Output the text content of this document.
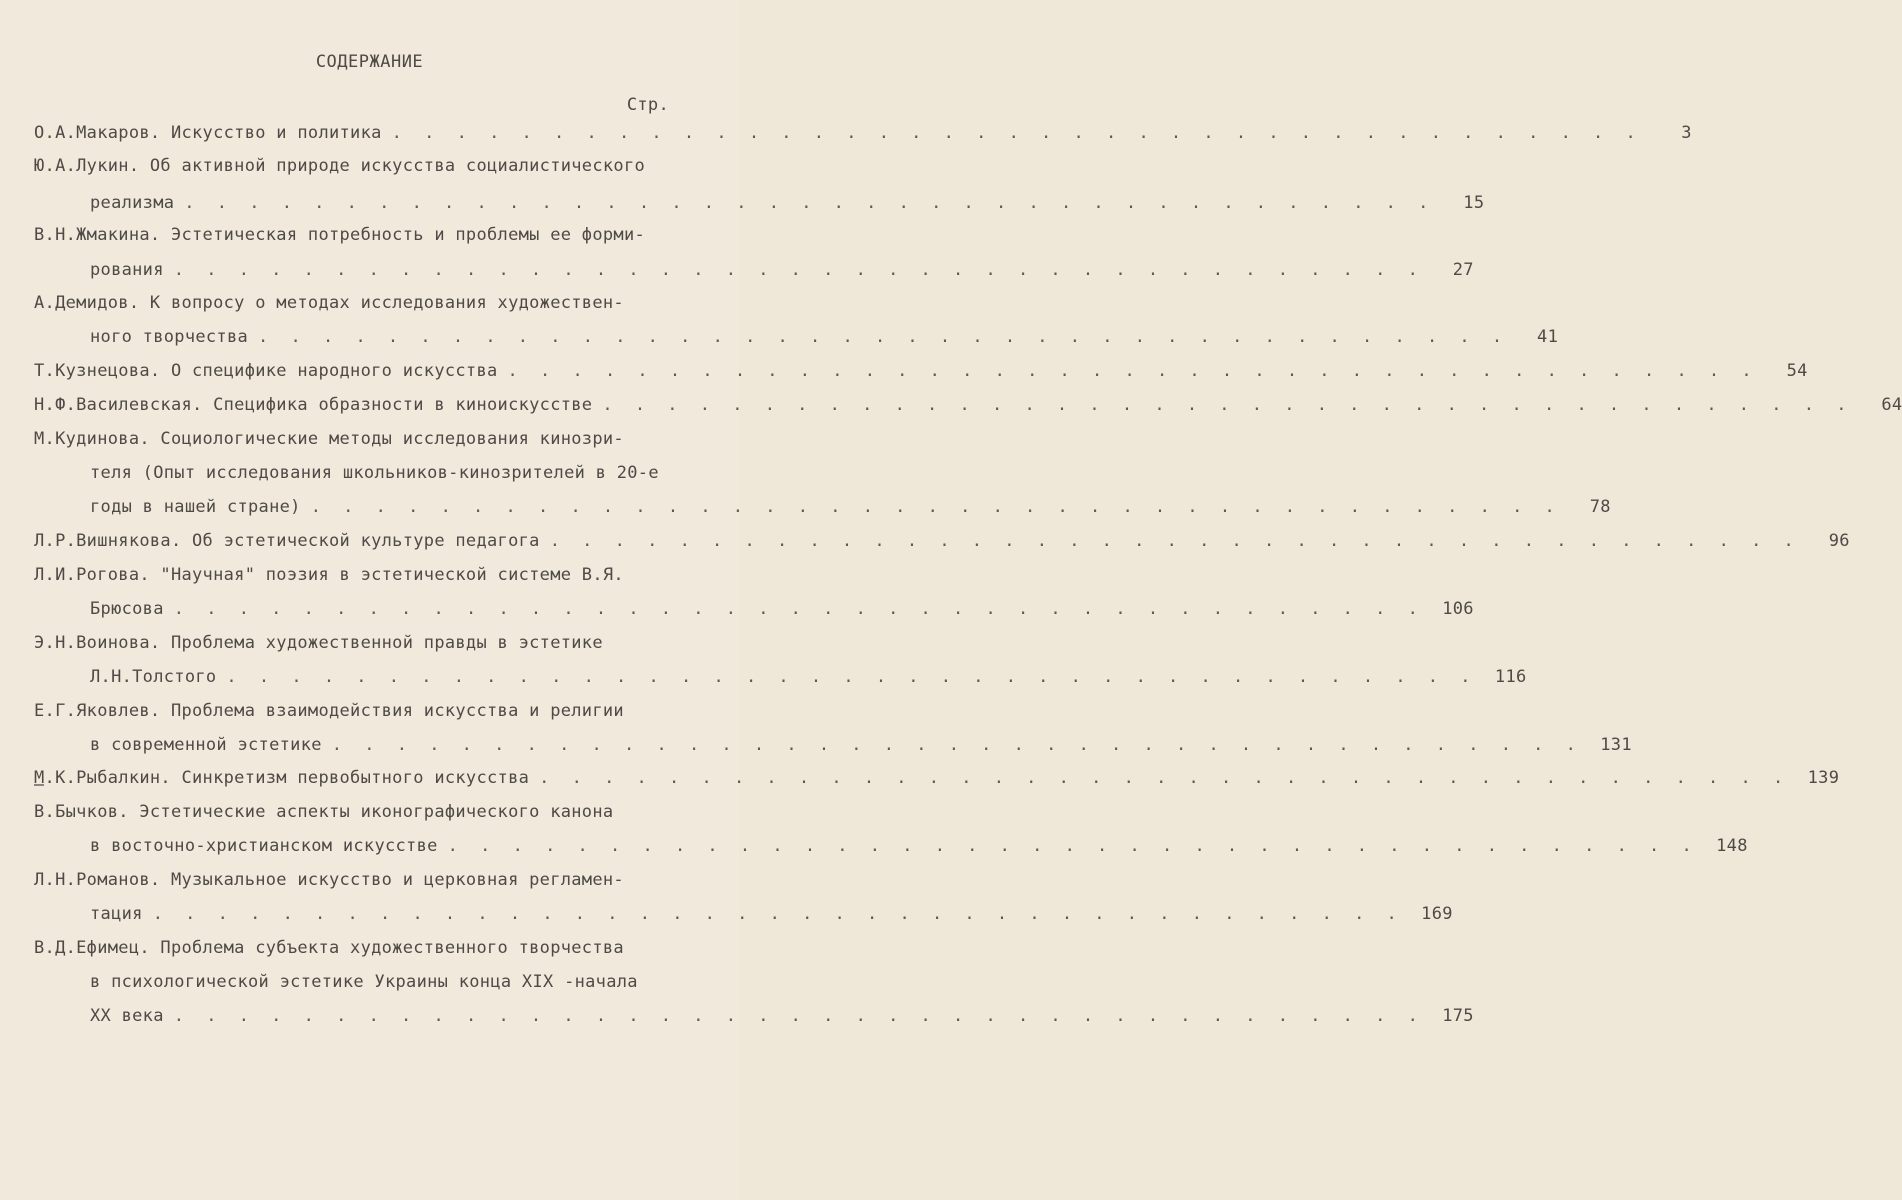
СОДЕРЖАНИЕ
Стр.
О.А.Макаров. Искусство и политика . . . . . . . . . . . . . . . . . . . . . . . . . . . . . . . . . . . . . . .	3
Ю.А.Лукин. Об активной природе искусства социалистического
реализма . . . . . . . . . . . . . . . . . . . . . . . . . . . . . . . . . . . . . . .	15
В.Н.Жмакина. Эстетическая потребность и проблемы ее форми-
рования . . . . . . . . . . . . . . . . . . . . . . . . . . . . . . . . . . . . . . .	27
А.Демидов. К вопросу о методах исследования художествен-
ного творчества . . . . . . . . . . . . . . . . . . . . . . . . . . . . . . . . . . . . . . .	41
Т.Кузнецова. О специфике народного искусства . . . . . . . . . . . . . . . . . . . . . . . . . . . . . . . . . . . . . . .	54
Н.Ф.Василевская. Специфика образности в киноискусстве . . . . . . . . . . . . . . . . . . . . . . . . . . . . . . . . . . . . . . .	64
М.Кудинова. Социологические методы исследования кинозри-
теля (Опыт исследования школьников-кинозрителей в 20-е
годы в нашей стране) . . . . . . . . . . . . . . . . . . . . . . . . . . . . . . . . . . . . . . .	78
Л.Р.Вишнякова. Об эстетической культуре педагога . . . . . . . . . . . . . . . . . . . . . . . . . . . . . . . . . . . . . . .	96
Л.И.Рогова. "Научная" поэзия в эстетической системе В.Я.
Брюсова . . . . . . . . . . . . . . . . . . . . . . . . . . . . . . . . . . . . . . .	106
Э.Н.Воинова. Проблема художественной правды в эстетике
Л.Н.Толстого . . . . . . . . . . . . . . . . . . . . . . . . . . . . . . . . . . . . . . .	116
Е.Г.Яковлев. Проблема взаимодействия искусства и религии
в современной эстетике . . . . . . . . . . . . . . . . . . . . . . . . . . . . . . . . . . . . . . .	131
М.К.Рыбалкин. Синкретизм первобытного искусства . . . . . . . . . . . . . . . . . . . . . . . . . . . . . . . . . . . . . . .	139
В.Бычков. Эстетические аспекты иконографического канона
в восточно-христианском искусстве . . . . . . . . . . . . . . . . . . . . . . . . . . . . . . . . . . . . . . .	148
Л.Н.Романов. Музыкальное искусство и церковная регламен-
тация . . . . . . . . . . . . . . . . . . . . . . . . . . . . . . . . . . . . . . .	169
В.Д.Ефимец. Проблема субъекта художественного творчества
в психологической эстетике Украины конца XIX -начала
XX века . . . . . . . . . . . . . . . . . . . . . . . . . . . . . . . . . . . . . . .	175
